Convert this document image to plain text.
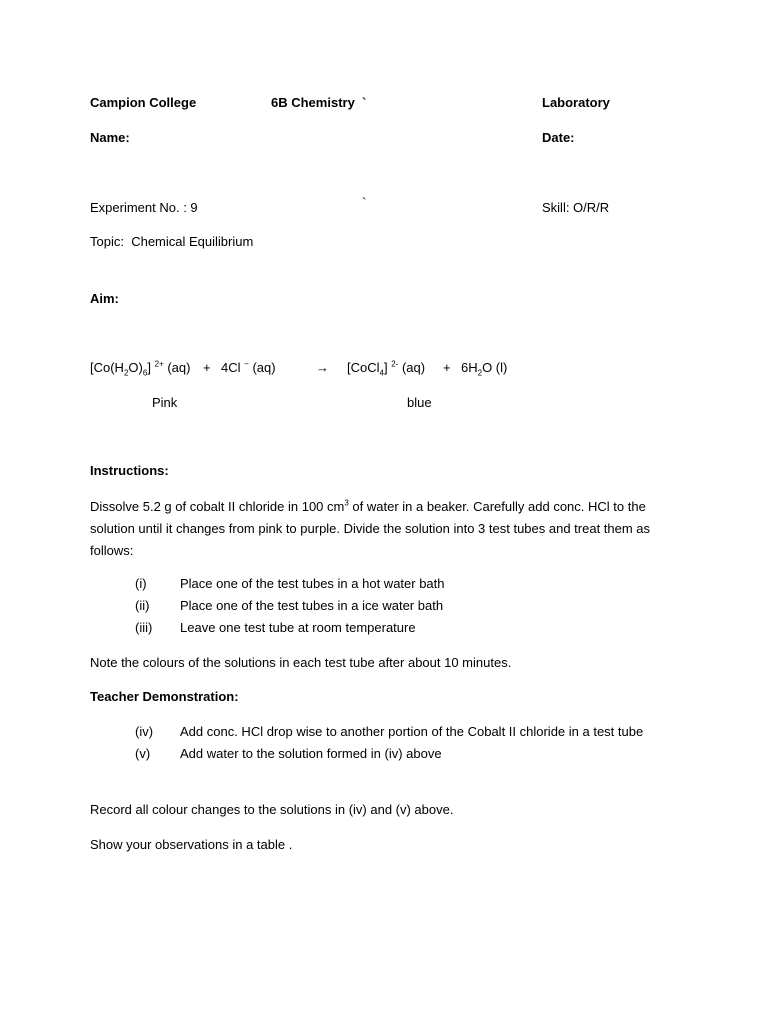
Campion College	6B Chemistry `	Laboratory
Name:	Date:
Experiment No. : 9	`	Skill: O/R/R
Topic: Chemical Equilibrium
Aim:
$[Co(H_2O)_6]$ $^{2+}$ (aq) + 4Cl − (aq)	→ [CoCl$_4$] $^{2-}$ $(aq) + 6H_2O$ (l)
Pink	blue
Instructions:
Dissolve 5.2 g of cobalt II chloride in 100 $cm^3$ of water in a beaker. Carefully add conc. HCl to the solution until it changes from pink to purple. Divide the solution into 3 test tubes and treat them as follows:
(i)	Place one of the test tubes in a hot water bath
(ii)	Place one of the test tubes in a ice water bath
(iii)	Leave one test tube at room temperature
Note the colours of the solutions in each test tube after about 10 minutes.
Teacher Demonstration:
(iv)	Add conc. HCl drop wise to another portion of the Cobalt II chloride in a test tube
(v)	Add water to the solution formed in (iv) above
Record all colour changes to the solutions in (iv) and (v) above.
Show your observations in a table .
